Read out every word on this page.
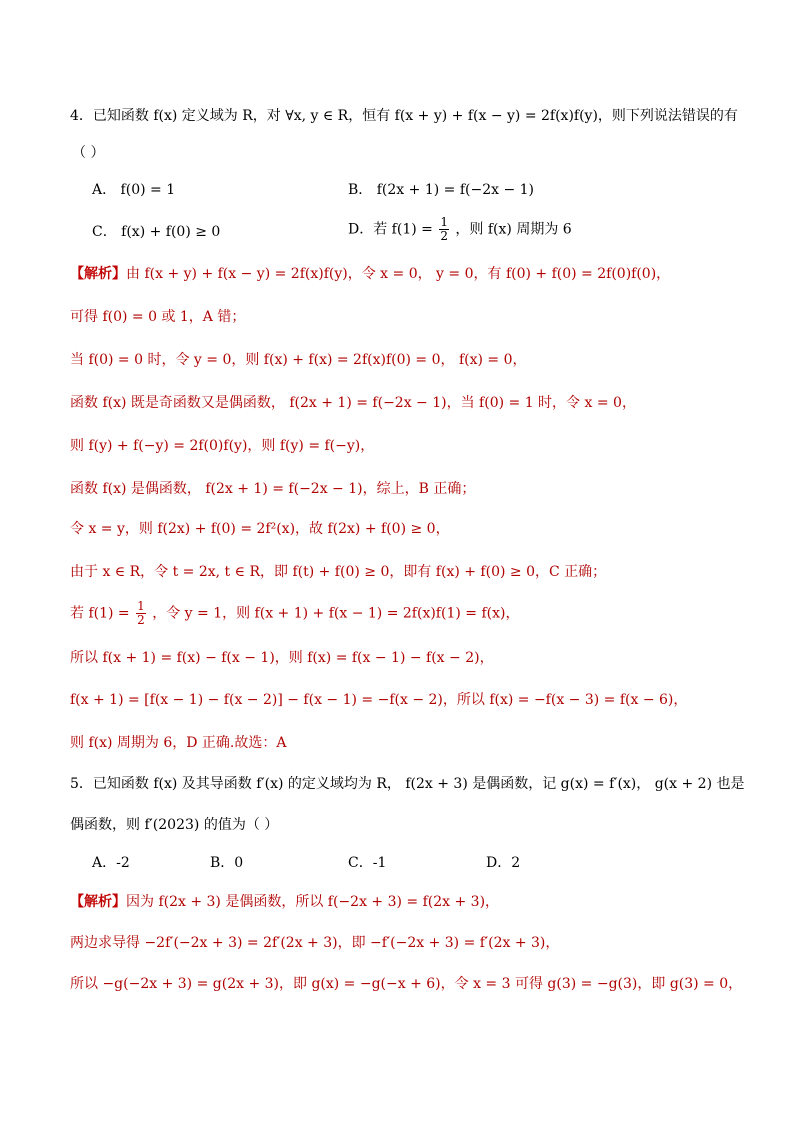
4．已知函数 f(x) 定义域为 R，对 ∀x, y ∈ R，恒有 f(x + y) + f(x − y) = 2f(x)f(y)，则下列说法错误的有
（ ）
A． f(0) = 1	B． f(2x + 1) = f(−2x − 1)
C． f(x) + f(0) ≥ 0	D．若 $f(1) = \frac{1}{2}$ ，则 f(x) 周期为 6
【解析】由 f(x + y) + f(x − y) = 2f(x)f(y)，令 x = 0， y = 0，有 f(0) + f(0) = 2f(0)f(0)，
可得 f(0) = 0 或 1，A 错；
当 f(0) = 0 时，令 y = 0，则 f(x) + f(x) = 2f(x)f(0) = 0， f(x) = 0，
函数 f(x) 既是奇函数又是偶函数， f(2x + 1) = f(−2x − 1)，当 f(0) = 1 时，令 x = 0，
则 f(y) + f(−y) = 2f(0)f(y)，则 f(y) = f(−y)，
函数 f(x) 是偶函数， f(2x + 1) = f(−2x − 1)，综上，B 正确；
令 x = y，则 f(2x) + f(0) = 2f²(x)，故 f(2x) + f(0) ≥ 0，
由于 x ∈ R，令 t = 2x, t ∈ R，即 f(t) + f(0) ≥ 0，即有 f(x) + f(0) ≥ 0，C 正确；
若 $f(1) = \frac{1}{2}$ ，令 y = 1，则 f(x + 1) + f(x − 1) = 2f(x)f(1) = f(x)，
所以 f(x + 1) = f(x) − f(x − 1)，则 f(x) = f(x − 1) − f(x − 2)，
f(x + 1) = [f(x − 1) − f(x − 2)] − f(x − 1) = −f(x − 2)，所以 f(x) = −f(x − 3) = f(x − 6)，
则 f(x) 周期为 6，D 正确.故选：A
5．已知函数 f(x) 及其导函数 f′(x) 的定义域均为 R， f(2x + 3) 是偶函数，记 g(x) = f′(x)， g(x + 2) 也是
偶函数，则 f′(2023) 的值为（ ）
A．-2	B．0	C．-1	D．2
【解析】因为 f(2x + 3) 是偶函数，所以 f(−2x + 3) = f(2x + 3)，
两边求导得 −2f′(−2x + 3) = 2f′(2x + 3)，即 −f′(−2x + 3) = f′(2x + 3)，
所以 −g(−2x + 3) = g(2x + 3)，即 g(x) = −g(−x + 6)，令 x = 3 可得 g(3) = −g(3)，即 g(3) = 0，
